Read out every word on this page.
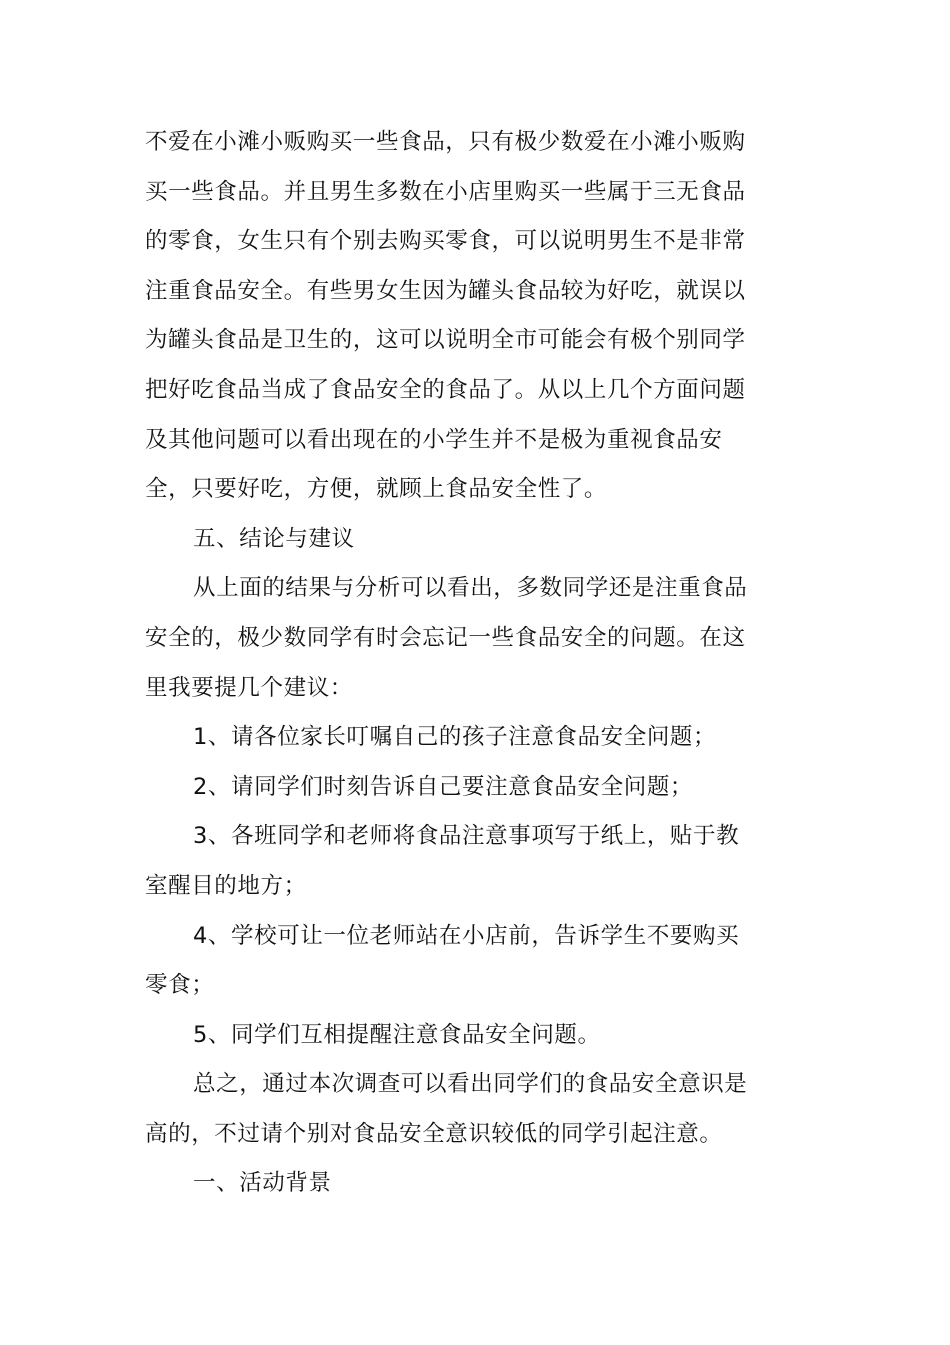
不爱在小滩小贩购买一些食品，只有极少数爱在小滩小贩购
买一些食品。并且男生多数在小店里购买一些属于三无食品
的零食，女生只有个别去购买零食，可以说明男生不是非常
注重食品安全。有些男女生因为罐头食品较为好吃，就误以
为罐头食品是卫生的，这可以说明全市可能会有极个别同学
把好吃食品当成了食品安全的食品了。从以上几个方面问题
及其他问题可以看出现在的小学生并不是极为重视食品安
全，只要好吃，方便，就顾上食品安全性了。
五、结论与建议
从上面的结果与分析可以看出，多数同学还是注重食品
安全的，极少数同学有时会忘记一些食品安全的问题。在这
里我要提几个建议：
1、请各位家长叮嘱自己的孩子注意食品安全问题；
2、请同学们时刻告诉自己要注意食品安全问题；
3、各班同学和老师将食品注意事项写于纸上，贴于教
室醒目的地方；
4、学校可让一位老师站在小店前，告诉学生不要购买
零食；
5、同学们互相提醒注意食品安全问题。
总之，通过本次调查可以看出同学们的食品安全意识是
高的，不过请个别对食品安全意识较低的同学引起注意。
一、活动背景
